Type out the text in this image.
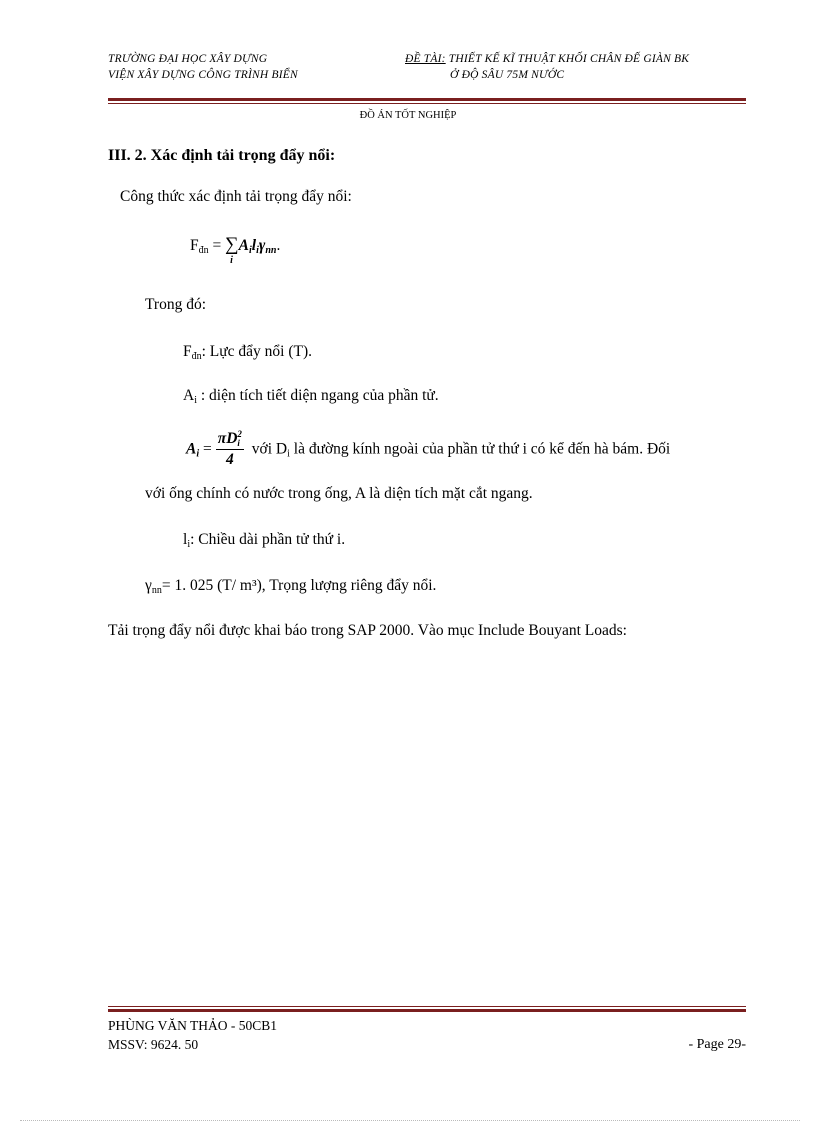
TRƯỜNG ĐẠI HỌC XÂY DỰNG
VIỆN XÂY DỰNG CÔNG TRÌNH BIỂN
ĐỀ TÀI: THIẾT KẾ KĨ THUẬT KHỐI CHÂN ĐẾ GIÀN BK
Ở ĐỘ SÂU 75M NƯỚC
ĐỒ ÁN TỐT NGHIỆP
III. 2. Xác định tải trọng đẩy nổi:
Công thức xác định tải trọng đẩy nổi:
$F_{đn}$ = ∑
i
$A_il_i\gamma_{nn}$.
Trong đó:
$F_{đn}$: Lực đẩy nổi (T).
$A_i$ : diện tích tiết diện ngang của phần tử.
$A_i = \pi D$ 2
i
4 với $D_i$ là đường kính ngoài của phần tử thứ i có kể đến hà bám. Đối
với ống chính có nước trong ống, A là diện tích mặt cắt ngang.
$l_i$: Chiều dài phần tử thứ i.
$\gamma_{nn}= 1$. 025 (T/ m³), Trọng lượng riêng đẩy nổi.
Tải trọng đẩy nổi được khai báo trong SAP 2000. Vào mục Include Bouyant Loads:
PHÙNG VĂN THẢO - 50CB1
MSSV: 9624. 50	- Page 29-
